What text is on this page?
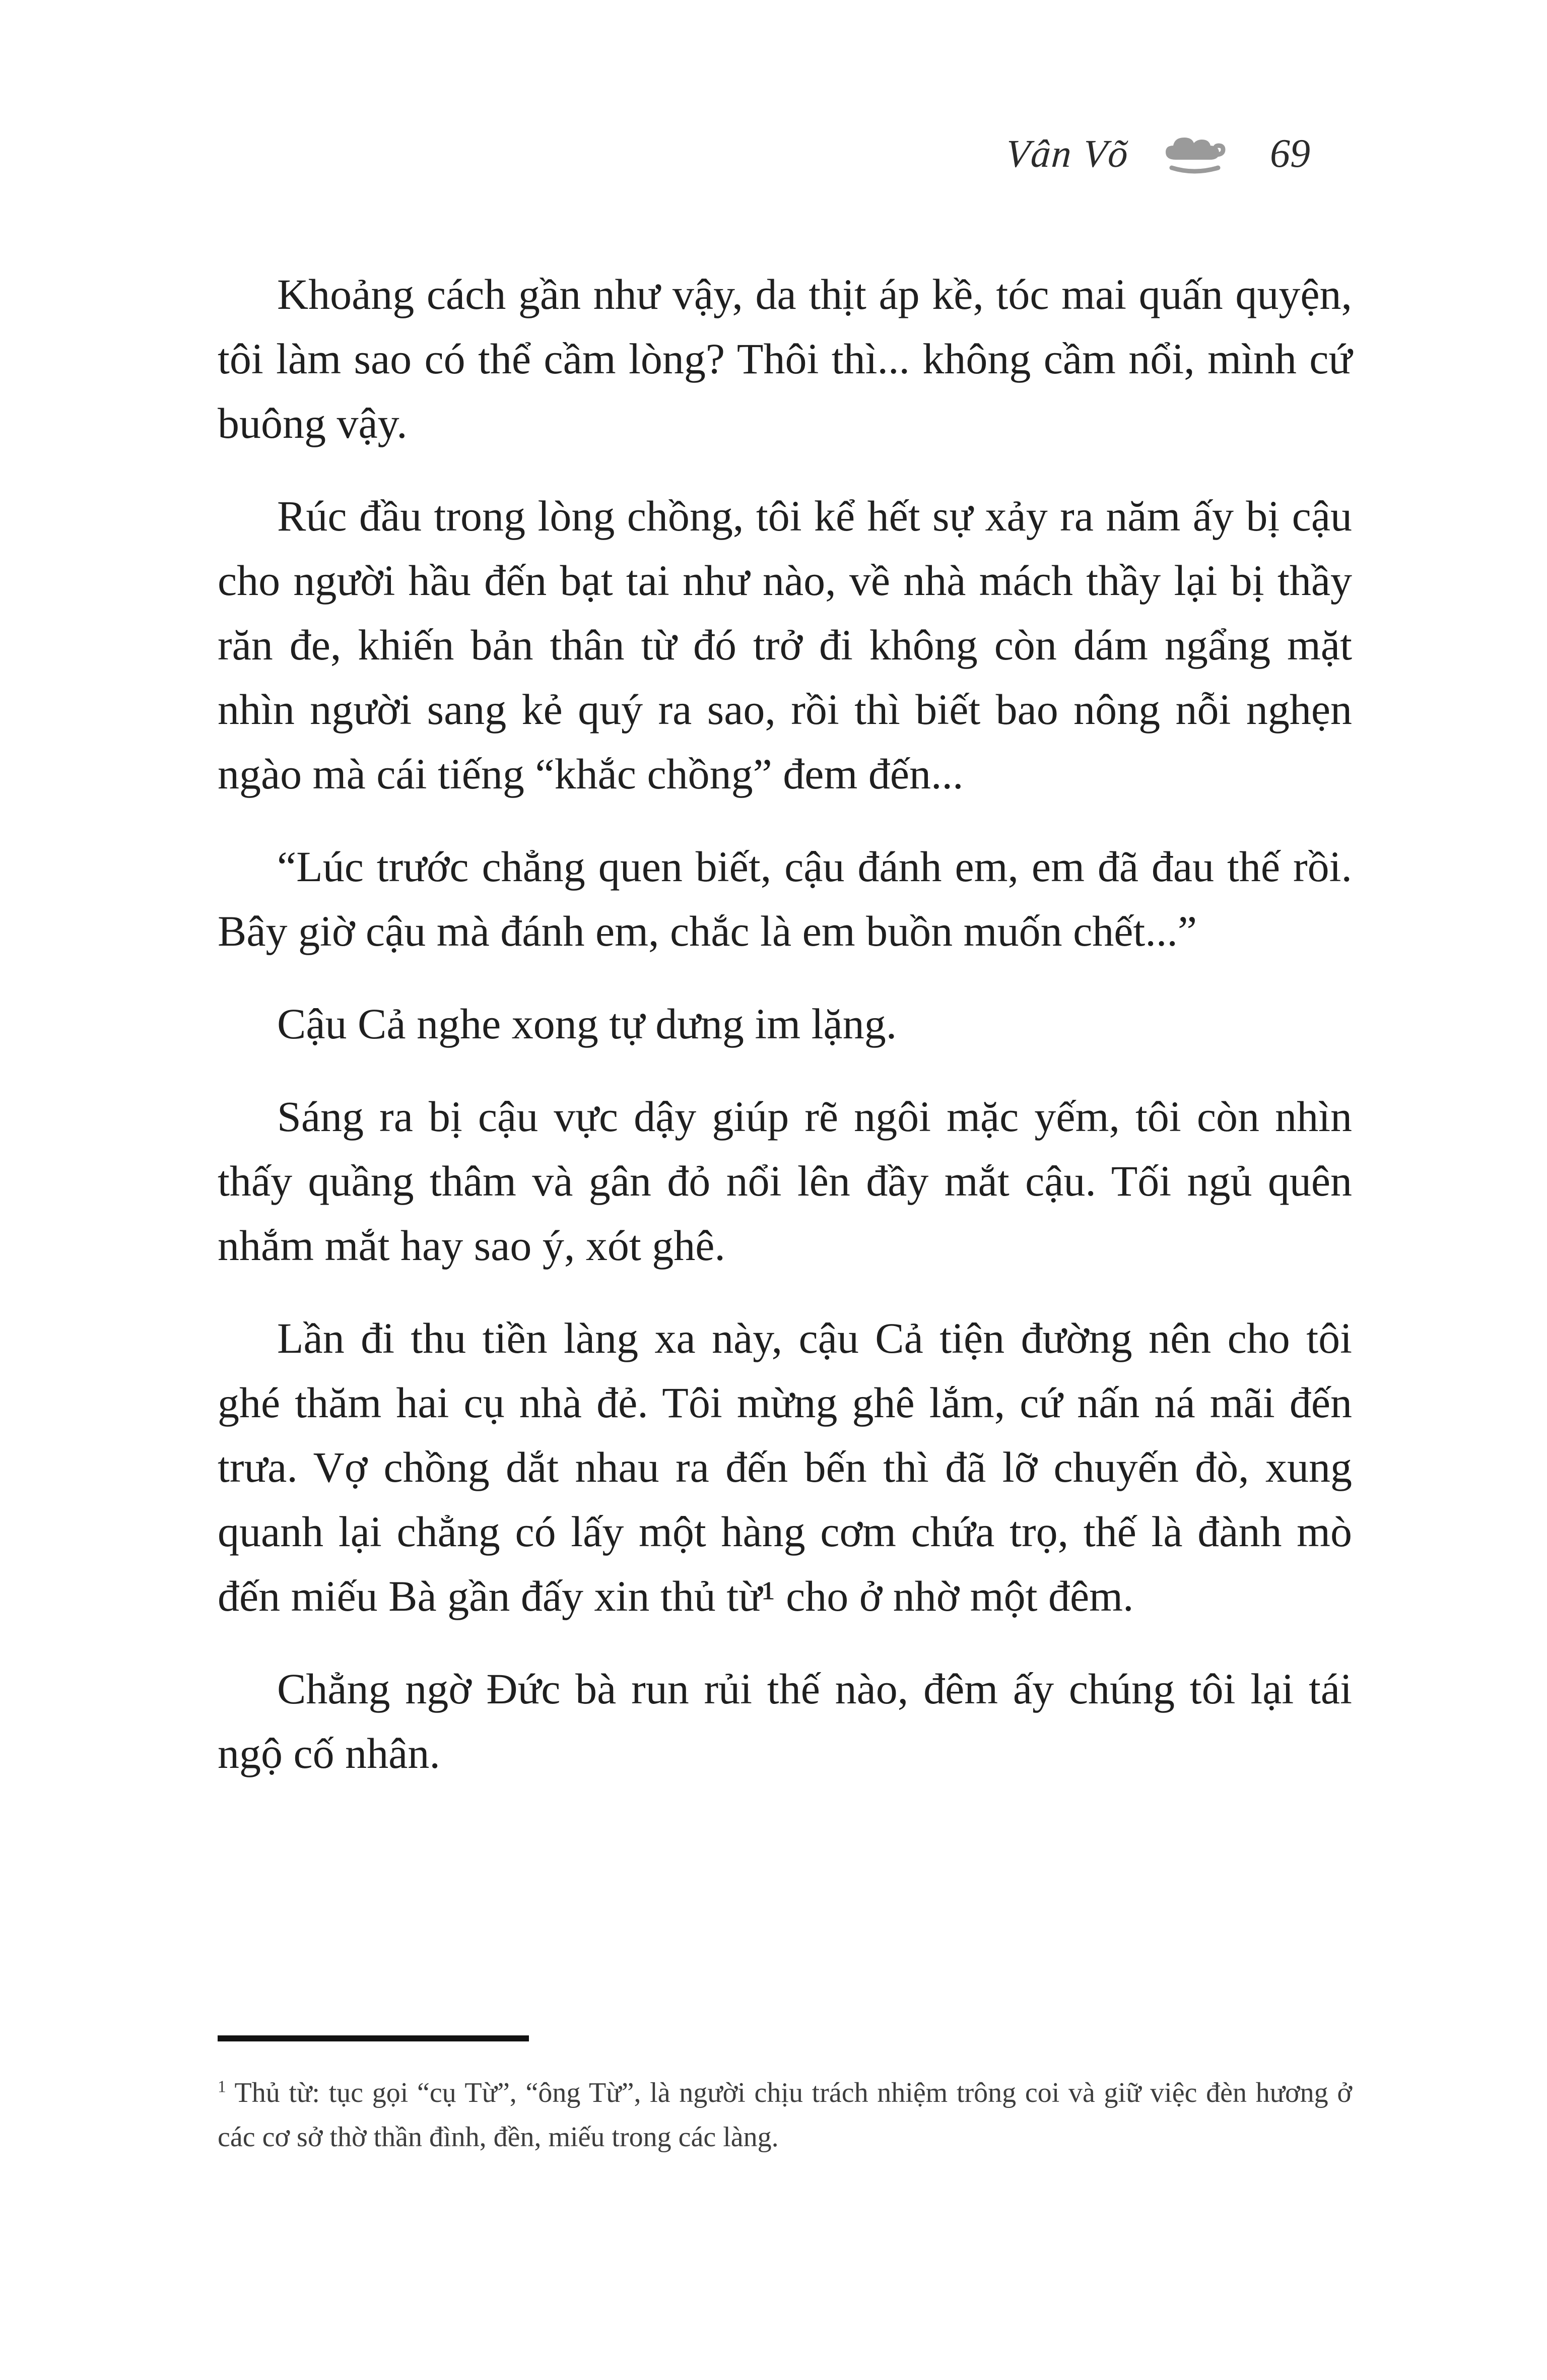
Vân Võ	69

Khoảng cách gần như vậy, da thịt áp kề, tóc mai quấn quyện, tôi làm sao có thể cầm lòng? Thôi thì... không cầm nổi, mình cứ buông vậy.

Rúc đầu trong lòng chồng, tôi kể hết sự xảy ra năm ấy bị cậu cho người hầu đến bạt tai như nào, về nhà mách thầy lại bị thầy răn đe, khiến bản thân từ đó trở đi không còn dám ngẩng mặt nhìn người sang kẻ quý ra sao, rồi thì biết bao nông nỗi nghẹn ngào mà cái tiếng “khắc chồng” đem đến...

“Lúc trước chẳng quen biết, cậu đánh em, em đã đau thế rồi. Bây giờ cậu mà đánh em, chắc là em buồn muốn chết...”

Cậu Cả nghe xong tự dưng im lặng.

Sáng ra bị cậu vực dậy giúp rẽ ngôi mặc yếm, tôi còn nhìn thấy quầng thâm và gân đỏ nổi lên đầy mắt cậu. Tối ngủ quên nhắm mắt hay sao ý, xót ghê.

Lần đi thu tiền làng xa này, cậu Cả tiện đường nên cho tôi ghé thăm hai cụ nhà đẻ. Tôi mừng ghê lắm, cứ nấn ná mãi đến trưa. Vợ chồng dắt nhau ra đến bến thì đã lỡ chuyến đò, xung quanh lại chẳng có lấy một hàng cơm chứa trọ, thế là đành mò đến miếu Bà gần đấy xin thủ từ¹ cho ở nhờ một đêm.

Chẳng ngờ Đức bà run rủi thế nào, đêm ấy chúng tôi lại tái ngộ cố nhân.

$^1$ Thủ từ: tục gọi “cụ Từ”, “ông Từ”, là người chịu trách nhiệm trông coi và giữ việc đèn hương ở các cơ sở thờ thần đình, đền, miếu trong các làng.
